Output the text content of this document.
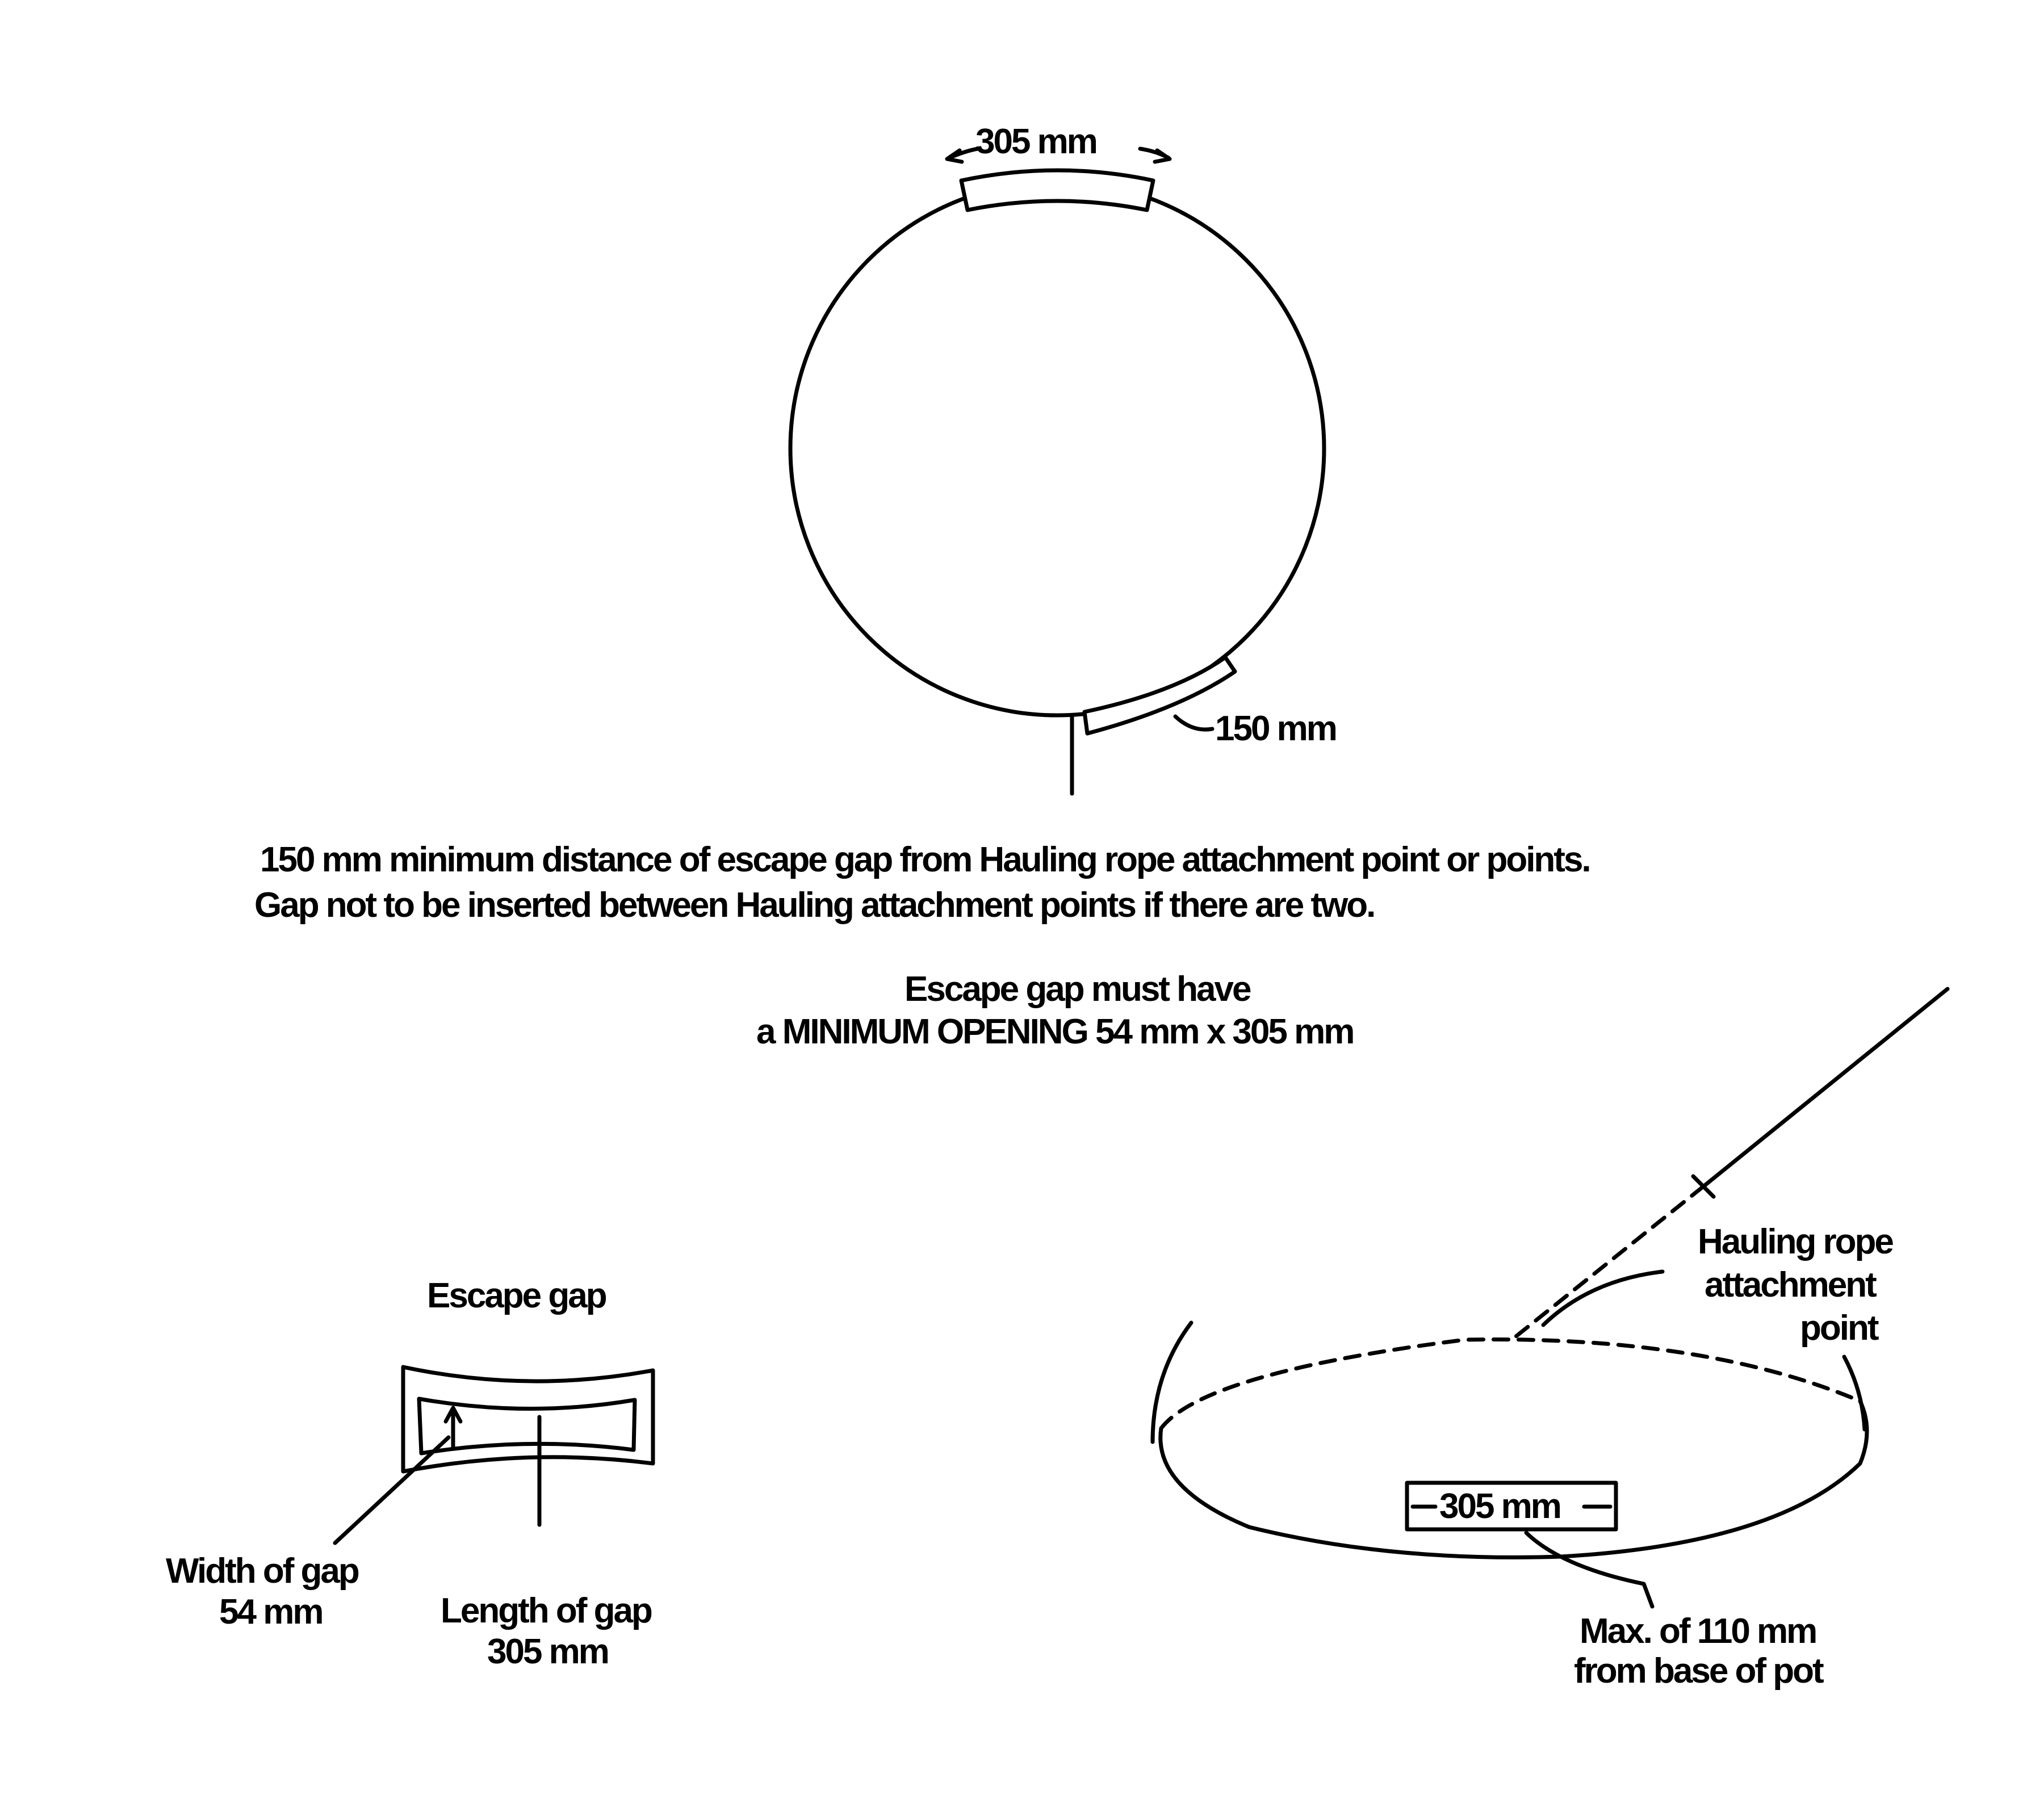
305 mm
150 mm
150 mm minimum distance of escape gap from Hauling rope attachment point or points.
Gap not to be inserted between Hauling attachment points if there are two.
Escape gap must have
a MINIMUM OPENING 54 mm x 305 mm
Escape gap
Width of gap
54 mm	Length of gap
305 mm
Hauling rope
attachment
point
305 mm
Max. of 110 mm
from base of pot
